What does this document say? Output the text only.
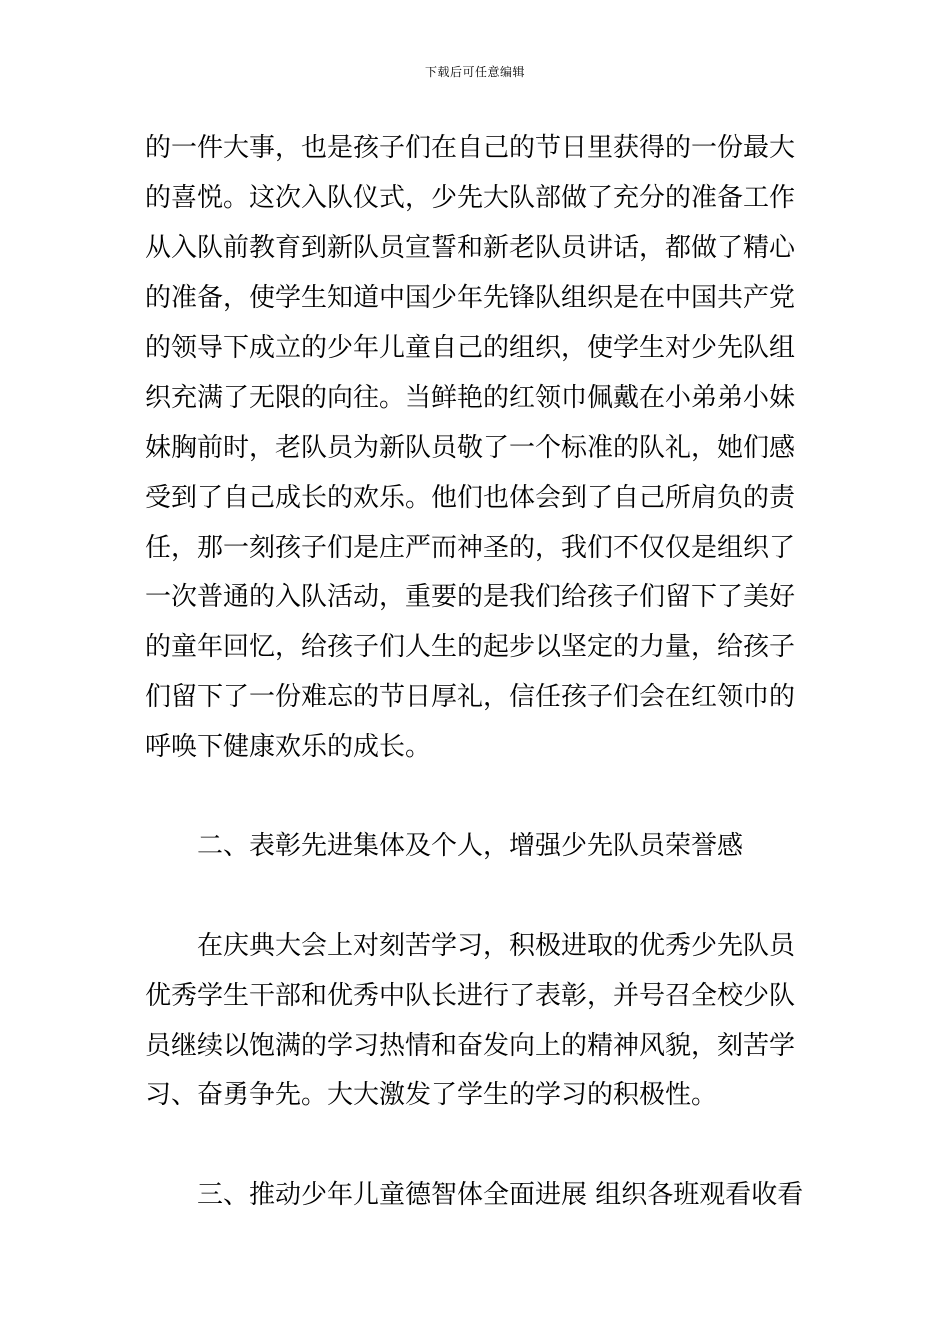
下载后可任意编辑
的一件大事，也是孩子们在自己的节日里获得的一份最大
的喜悦。这次入队仪式，少先大队部做了充分的准备工作
从入队前教育到新队员宣誓和新老队员讲话，都做了精心
的准备，使学生知道中国少年先锋队组织是在中国共产党
的领导下成立的少年儿童自己的组织，使学生对少先队组
织充满了无限的向往。当鲜艳的红领巾佩戴在小弟弟小妹
妹胸前时，老队员为新队员敬了一个标准的队礼，她们感
受到了自己成长的欢乐。他们也体会到了自己所肩负的责
任，那一刻孩子们是庄严而神圣的，我们不仅仅是组织了
一次普通的入队活动，重要的是我们给孩子们留下了美好
的童年回忆，给孩子们人生的起步以坚定的力量，给孩子
们留下了一份难忘的节日厚礼，信任孩子们会在红领巾的
呼唤下健康欢乐的成长。
二、表彰先进集体及个人，增强少先队员荣誉感
在庆典大会上对刻苦学习，积极进取的优秀少先队员
优秀学生干部和优秀中队长进行了表彰，并号召全校少队
员继续以饱满的学习热情和奋发向上的精神风貌，刻苦学
习、奋勇争先。大大激发了学生的学习的积极性。
三、推动少年儿童德智体全面进展 组织各班观看收看
